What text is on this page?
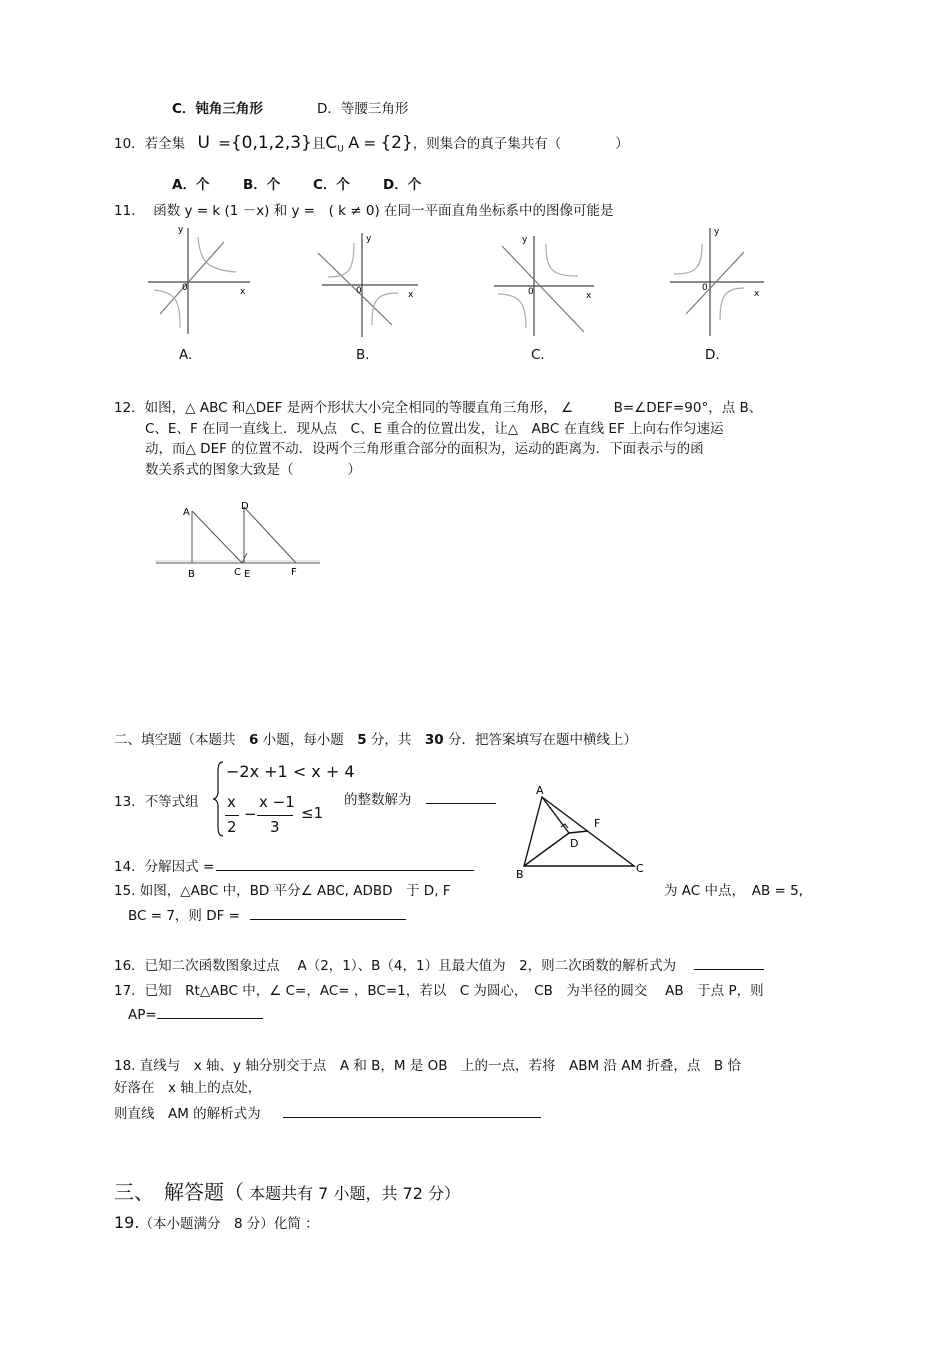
C．钝角三角形	D．等腰三角形
10．若全集 U ={0,1,2,3}且$C_U$ A = {2}，则集合的真子集共有（　　　　）
A．个 B．个 C．个 D．个
11.　 函数 y = k (1 －x) 和 y =　( k ≠ 0) 在同一平面直角坐标系中的图像可能是
y
x
0
A.
y
x
0
B.
y
x
0
C.
y
x
0
D.
12．如图，△ ABC 和△DEF 是两个形状大小完全相同的等腰直角三角形， ∠　　　B=∠DEF=90°，点 B、
C、E、F 在同一直线上．现从点　C、E 重合的位置出发，让△　ABC 在直线 EF 上向右作匀速运
动，而△ DEF 的位置不动．设两个三角形重合部分的面积为，运动的距离为．下面表示与的函
数关系式的图象大致是（　　　　）
A
B	C
D
E	F
二、填空题（本题共　6 小题，每小题　5 分，共　30 分．把答案填写在题中横线上）
13．不等式组
−2x +1 < x + 4
x
2
−
x −1
3
≤1
的整数解为
A
B	C
D
F
14．分解因式 =
15. 如图，△ABC 中，BD 平分∠ ABC, ADBD　于 D, F	为 AC 中点，　AB = 5,
BC = 7，则 DF =
16．已知二次函数图象过点　 A（2，1）、B（4，1）且最大值为　2，则二次函数的解析式为
17．已知　Rt△ABC 中，∠ C=，AC= ，BC=1，若以　C 为圆心，　CB　为半径的圆交　 AB　于点 P，则
AP=
18. 直线与　x 轴、y 轴分别交于点　A 和 B，M 是 OB　上的一点，若将　ABM 沿 AM 折叠，点　B 恰
好落在　x 轴上的点处，
则直线　AM 的解析式为
三、　解答题（ 本题共有 7 小题，共 72 分）
19.（本小题满分　8 分）化简 ：
